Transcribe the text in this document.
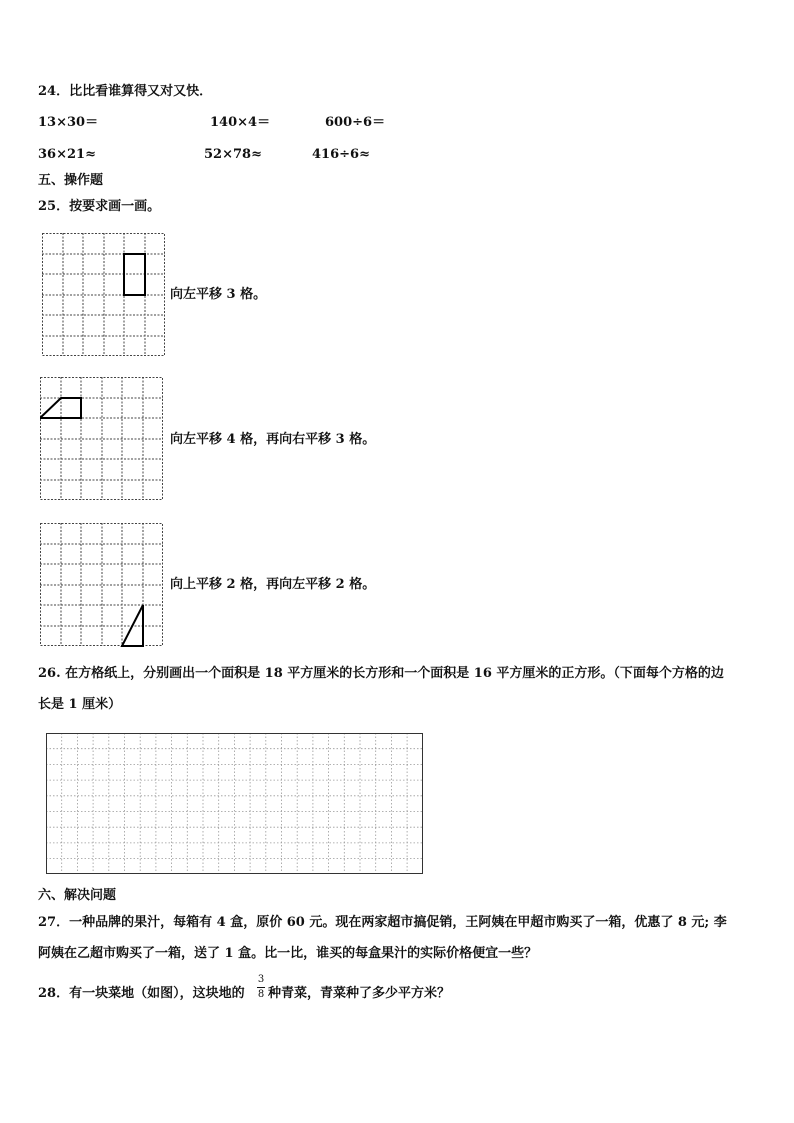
24．比比看谁算得又对又快．
13×30＝	140×4＝	600÷6＝
36×21≈	52×78≈	416÷6≈
五、操作题
25．按要求画一画。
向左平移 3 格。
向左平移 4 格，再向右平移 3 格。
向上平移 2 格，再向左平移 2 格。
26. 在方格纸上，分别画出一个面积是 18 平方厘米的长方形和一个面积是 16 平方厘米的正方形。（下面每个方格的边
长是 1 厘米）
六、解决问题
27．一种品牌的果汁，每箱有 4 盒，原价 60 元。现在两家超市搞促销，王阿姨在甲超市购买了一箱，优惠了 8 元; 李
阿姨在乙超市购买了一箱，送了 1 盒。比一比，谁买的每盒果汁的实际价格便宜一些？
28．有一块菜地（如图），这块地的
3
8 种青菜，青菜种了多少平方米？
